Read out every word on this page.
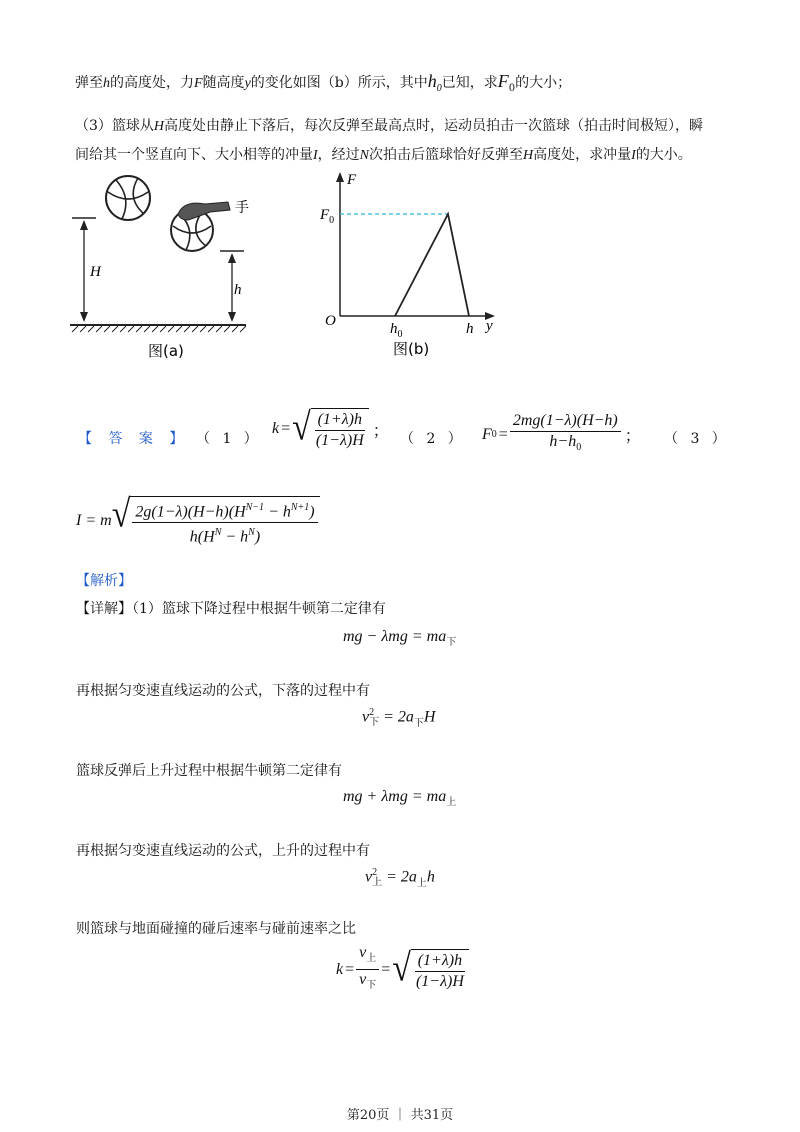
弹至h的高度处，力F随高度y的变化如图（b）所示，其中$h_0$已知，求$F_0$的大小；
（3）篮球从H高度处由静止下落后，每次反弹至最高点时，运动员拍击一次篮球（拍击时间极短），瞬
间给其一个竖直向下、大小相等的冲量I，经过N次拍击后篮球恰好反弹至H高度处，求冲量I的大小。
手
H
h
图(a)
F
$F_0$
O	$h_0$	h y
图(b)
【 答 案 】 （ 1 ）
k = √ $\frac{(1+\lambda)h}{(1-\lambda)H}$ ； （ 2 ） F $0 = \frac{2mg(1-\lambda)(H-h)}{h-h_0}$ ； （ 3 ）
I = m √ $\frac{2g(1-\lambda)(H-h)(H^{N-1} - h^{N+1})}{h(H^N - h^N)}$
【解析】
【详解】（1）篮球下降过程中根据牛顿第二定律有
mg − $\lambda mg = ma_下$
再根据匀变速直线运动的公式，下落的过程中有
v 2
下 = $2a_下H$
篮球反弹后上升过程中根据牛顿第二定律有
mg + $\lambda mg = ma_上$
再根据匀变速直线运动的公式，上升的过程中有
v 2
上 = $2a_上h$
则篮球与地面碰撞的碰后速率与碰前速率之比
$k = \frac{v_上}{v_下}$ = √ $\frac{(1+\lambda)h}{(1-\lambda)H}$
第20页 ｜ 共31页
